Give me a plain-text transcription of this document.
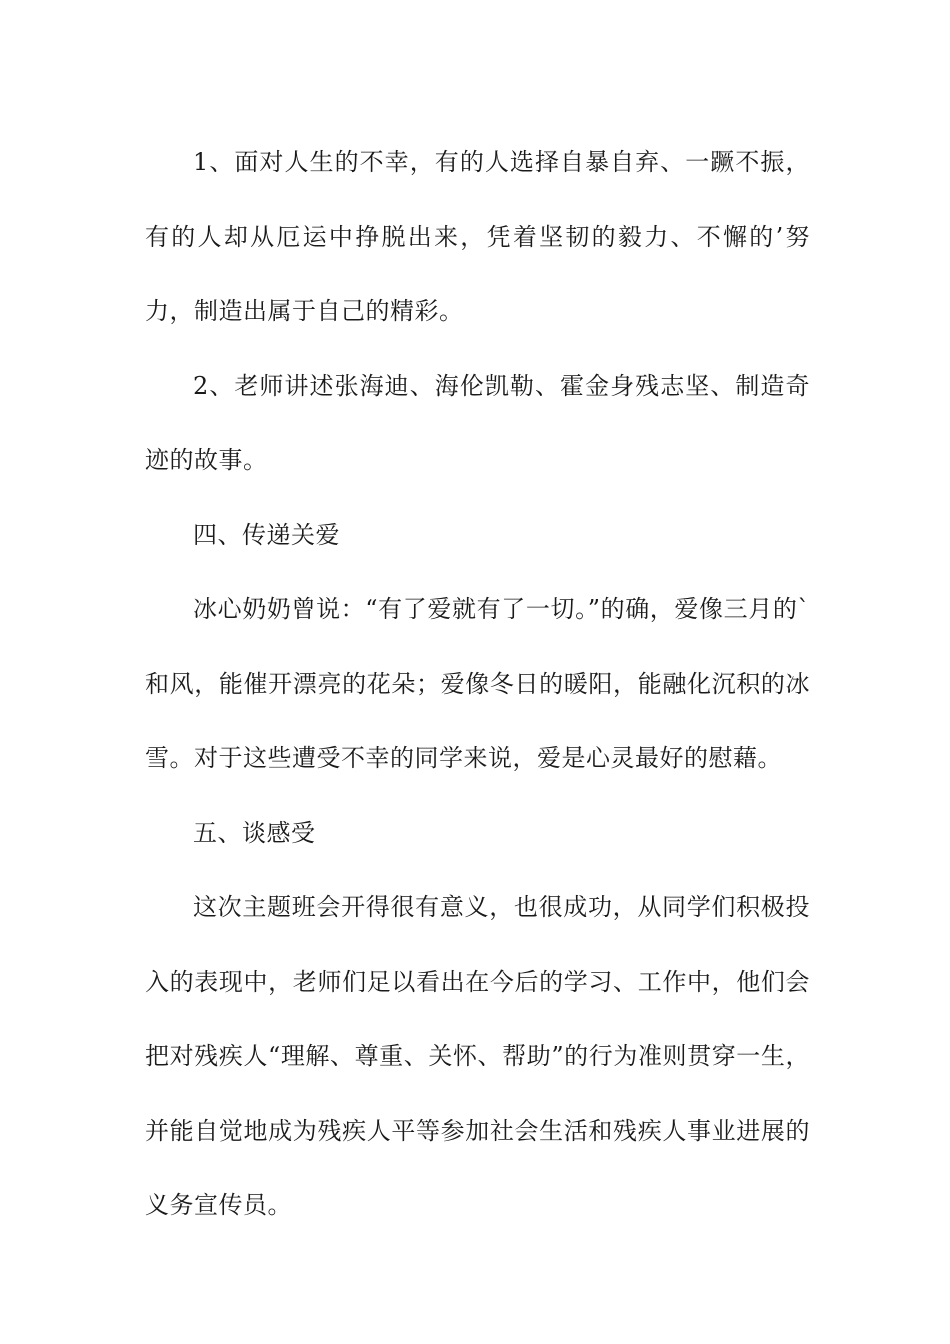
1、面对人生的不幸，有的人选择自暴自弃、一蹶不振，有的人却从厄运中挣脱出来，凭着坚韧的毅力、不懈的’努力，制造出属于自己的精彩。

2、老师讲述张海迪、海伦凯勒、霍金身残志坚、制造奇迹的故事。

四、传递关爱

冰心奶奶曾说：“有了爱就有了一切。”的确，爱像三月的`和风，能催开漂亮的花朵；爱像冬日的暖阳，能融化沉积的冰雪。对于这些遭受不幸的同学来说，爱是心灵最好的慰藉。

五、谈感受

这次主题班会开得很有意义，也很成功，从同学们积极投入的表现中，老师们足以看出在今后的学习、工作中，他们会把对残疾人“理解、尊重、关怀、帮助”的行为准则贯穿一生，并能自觉地成为残疾人平等参加社会生活和残疾人事业进展的义务宣传员。
